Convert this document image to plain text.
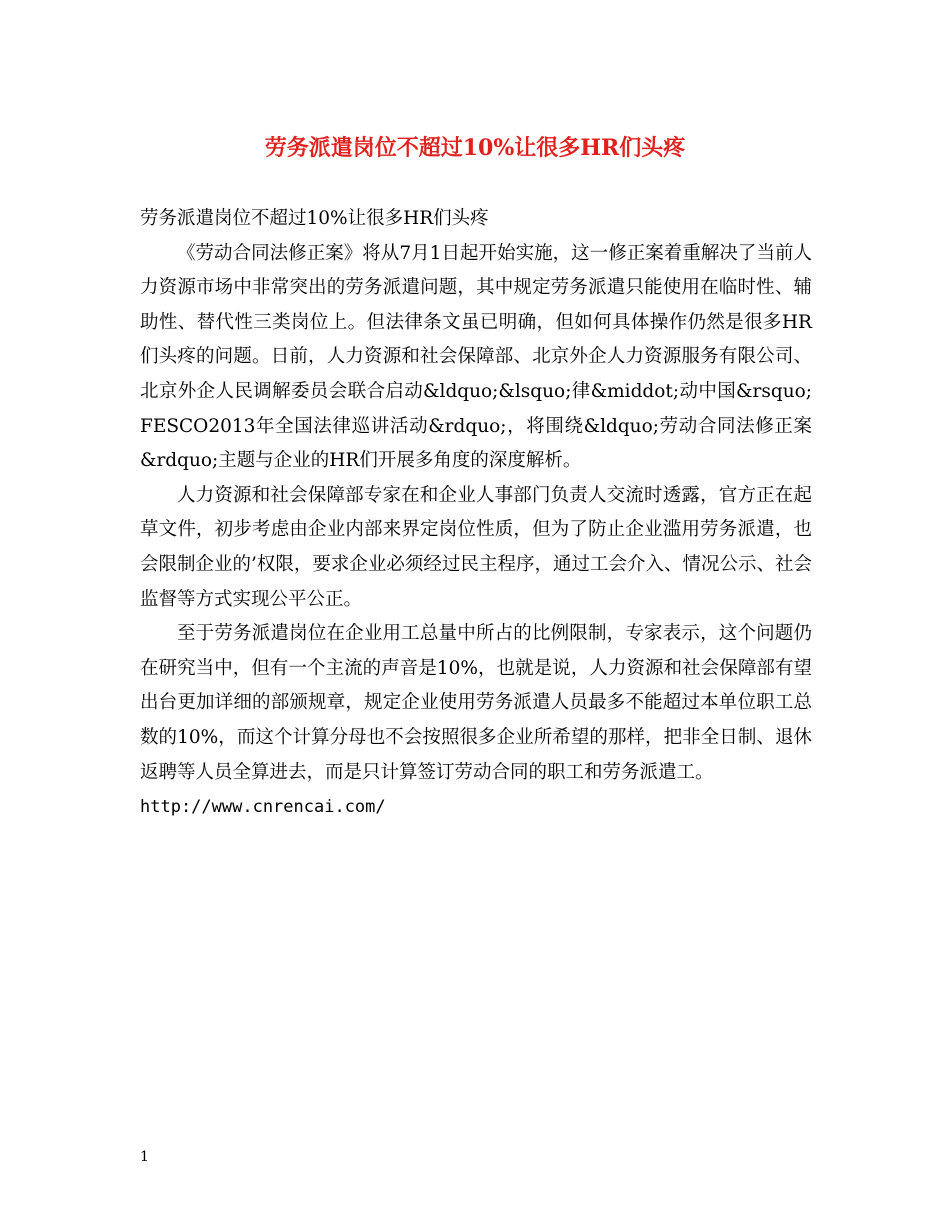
劳务派遣岗位不超过10%让很多HR们头疼
劳务派遣岗位不超过10%让很多HR们头疼
《劳动合同法修正案》将从7月1日起开始实施，这一修正案着重解决了当前人力资源市场中非常突出的劳务派遣问题，其中规定劳务派遣只能使用在临时性、辅助性、替代性三类岗位上。但法律条文虽已明确，但如何具体操作仍然是很多HR们头疼的问题。日前，人力资源和社会保障部、北京外企人力资源服务有限公司、北京外企人民调解委员会联合启动&ldquo;&lsquo;律&middot;动中国&rsquo;FESCO2013年全国法律巡讲活动&rdquo;，将围绕&ldquo;劳动合同法修正案&rdquo;主题与企业的HR们开展多角度的深度解析。
人力资源和社会保障部专家在和企业人事部门负责人交流时透露，官方正在起草文件，初步考虑由企业内部来界定岗位性质，但为了防止企业滥用劳务派遣，也会限制企业的’权限，要求企业必须经过民主程序，通过工会介入、情况公示、社会监督等方式实现公平公正。
至于劳务派遣岗位在企业用工总量中所占的比例限制，专家表示，这个问题仍在研究当中，但有一个主流的声音是10%，也就是说，人力资源和社会保障部有望出台更加详细的部颁规章，规定企业使用劳务派遣人员最多不能超过本单位职工总数的10%，而这个计算分母也不会按照很多企业所希望的那样，把非全日制、退休返聘等人员全算进去，而是只计算签订劳动合同的职工和劳务派遣工。
http://www.cnrencai.com/
1
